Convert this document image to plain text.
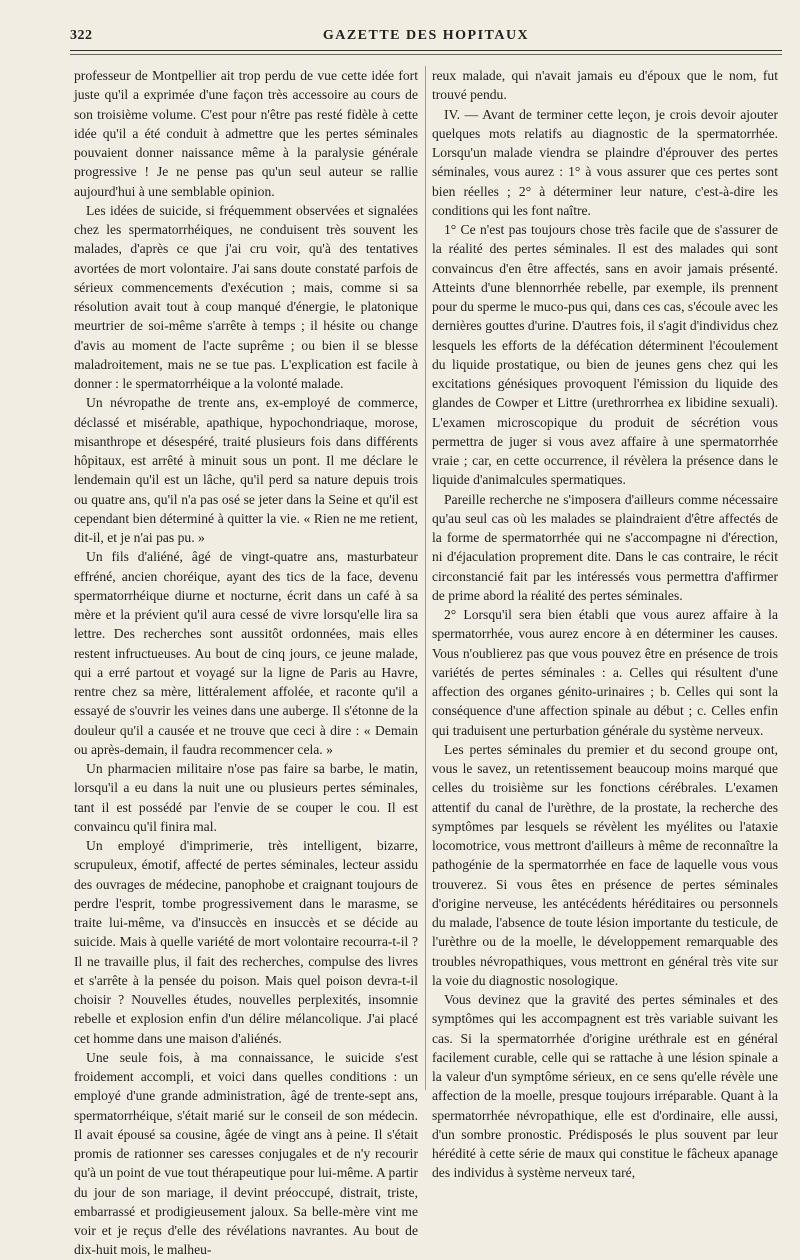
322	GAZETTE DES HOPITAUX

professeur de Montpellier ait trop perdu de vue cette idée fort juste qu'il a exprimée d'une façon très accessoire au cours de son troisième volume. C'est pour n'être pas resté fidèle à cette idée qu'il a été conduit à admettre que les pertes séminales pouvaient donner naissance même à la paralysie générale progressive ! Je ne pense pas qu'un seul auteur se rallie aujourd'hui à une semblable opinion.

Les idées de suicide, si fréquemment observées et signalées chez les spermatorrhéiques, ne conduisent très souvent les malades, d'après ce que j'ai cru voir, qu'à des tentatives avortées de mort volontaire. J'ai sans doute constaté parfois de sérieux commencements d'exécution ; mais, comme si sa résolution avait tout à coup manqué d'énergie, le platonique meurtrier de soi-même s'arrête à temps ; il hésite ou change d'avis au moment de l'acte suprême ; ou bien il se blesse maladroitement, mais ne se tue pas. L'explication est facile à donner : le spermatorrhéique a la volonté malade.

Un névropathe de trente ans, ex-employé de commerce, déclassé et misérable, apathique, hypochondriaque, morose, misanthrope et désespéré, traité plusieurs fois dans différents hôpitaux, est arrêté à minuit sous un pont. Il me déclare le lendemain qu'il est un lâche, qu'il perd sa nature depuis trois ou quatre ans, qu'il n'a pas osé se jeter dans la Seine et qu'il est cependant bien déterminé à quitter la vie. « Rien ne me retient, dit-il, et je n'ai pas pu. »

Un fils d'aliéné, âgé de vingt-quatre ans, masturbateur effréné, ancien choréique, ayant des tics de la face, devenu spermatorrhéique diurne et nocturne, écrit dans un café à sa mère et la prévient qu'il aura cessé de vivre lorsqu'elle lira sa lettre. Des recherches sont aussitôt ordonnées, mais elles restent infructueuses. Au bout de cinq jours, ce jeune malade, qui a erré partout et voyagé sur la ligne de Paris au Havre, rentre chez sa mère, littéralement affolée, et raconte qu'il a essayé de s'ouvrir les veines dans une auberge. Il s'étonne de la douleur qu'il a causée et ne trouve que ceci à dire : « Demain ou après-demain, il faudra recommencer cela. »

Un pharmacien militaire n'ose pas faire sa barbe, le matin, lorsqu'il a eu dans la nuit une ou plusieurs pertes séminales, tant il est possédé par l'envie de se couper le cou. Il est convaincu qu'il finira mal.

Un employé d'imprimerie, très intelligent, bizarre, scrupuleux, émotif, affecté de pertes séminales, lecteur assidu des ouvrages de médecine, panophobe et craignant toujours de perdre l'esprit, tombe progressivement dans le marasme, se traite lui-même, va d'insuccès en insuccès et se décide au suicide. Mais à quelle variété de mort volontaire recourra-t-il ? Il ne travaille plus, il fait des recherches, compulse des livres et s'arrête à la pensée du poison. Mais quel poison devra-t-il choisir ? Nouvelles études, nouvelles perplexités, insomnie rebelle et explosion enfin d'un délire mélancolique. J'ai placé cet homme dans une maison d'aliénés.

Une seule fois, à ma connaissance, le suicide s'est froidement accompli, et voici dans quelles conditions : un employé d'une grande administration, âgé de trente-sept ans, spermatorrhéique, s'était marié sur le conseil de son médecin. Il avait épousé sa cousine, âgée de vingt ans à peine. Il s'était promis de rationner ses caresses conjugales et de n'y recourir qu'à un point de vue tout thérapeutique pour lui-même. A partir du jour de son mariage, il devint préoccupé, distrait, triste, embarrassé et prodigieusement jaloux. Sa belle-mère vint me voir et je reçus d'elle des révélations navrantes. Au bout de dix-huit mois, le malheu-

reux malade, qui n'avait jamais eu d'époux que le nom, fut trouvé pendu.

IV. — Avant de terminer cette leçon, je crois devoir ajouter quelques mots relatifs au diagnostic de la spermatorrhée. Lorsqu'un malade viendra se plaindre d'éprouver des pertes séminales, vous aurez : 1° à vous assurer que ces pertes sont bien réelles ; 2° à déterminer leur nature, c'est-à-dire les conditions qui les font naître.

1° Ce n'est pas toujours chose très facile que de s'assurer de la réalité des pertes séminales. Il est des malades qui sont convaincus d'en être affectés, sans en avoir jamais présenté. Atteints d'une blennorrhée rebelle, par exemple, ils prennent pour du sperme le muco-pus qui, dans ces cas, s'écoule avec les dernières gouttes d'urine. D'autres fois, il s'agit d'individus chez lesquels les efforts de la défécation déterminent l'écoulement du liquide prostatique, ou bien de jeunes gens chez qui les excitations génésiques provoquent l'émission du liquide des glandes de Cowper et Littre (urethrorrhea ex libidine sexuali). L'examen microscopique du produit de sécrétion vous permettra de juger si vous avez affaire à une spermatorrhée vraie ; car, en cette occurrence, il révèlera la présence dans le liquide d'animalcules spermatiques.

Pareille recherche ne s'imposera d'ailleurs comme nécessaire qu'au seul cas où les malades se plaindraient d'être affectés de la forme de spermatorrhée qui ne s'accompagne ni d'érection, ni d'éjaculation proprement dite. Dans le cas contraire, le récit circonstancié fait par les intéressés vous permettra d'affirmer de prime abord la réalité des pertes séminales.

2° Lorsqu'il sera bien établi que vous aurez affaire à la spermatorrhée, vous aurez encore à en déterminer les causes. Vous n'oublierez pas que vous pouvez être en présence de trois variétés de pertes séminales : a. Celles qui résultent d'une affection des organes génito-urinaires ; b. Celles qui sont la conséquence d'une affection spinale au début ; c. Celles enfin qui traduisent une perturbation générale du système nerveux.

Les pertes séminales du premier et du second groupe ont, vous le savez, un retentissement beaucoup moins marqué que celles du troisième sur les fonctions cérébrales. L'examen attentif du canal de l'urèthre, de la prostate, la recherche des symptômes par lesquels se révèlent les myélites ou l'ataxie locomotrice, vous mettront d'ailleurs à même de reconnaître la pathogénie de la spermatorrhée en face de laquelle vous vous trouverez. Si vous êtes en présence de pertes séminales d'origine nerveuse, les antécédents héréditaires ou personnels du malade, l'absence de toute lésion importante du testicule, de l'urèthre ou de la moelle, le développement remarquable des troubles névropathiques, vous mettront en général très vite sur la voie du diagnostic nosologique.

Vous devinez que la gravité des pertes séminales et des symptômes qui les accompagnent est très variable suivant les cas. Si la spermatorrhée d'origine uréthrale est en général facilement curable, celle qui se rattache à une lésion spinale a la valeur d'un symptôme sérieux, en ce sens qu'elle révèle une affection de la moelle, presque toujours irréparable. Quant à la spermatorrhée névropathique, elle est d'ordinaire, elle aussi, d'un sombre pronostic. Prédisposés le plus souvent par leur hérédité à cette série de maux qui constitue le fâcheux apanage des individus à système nerveux taré,
